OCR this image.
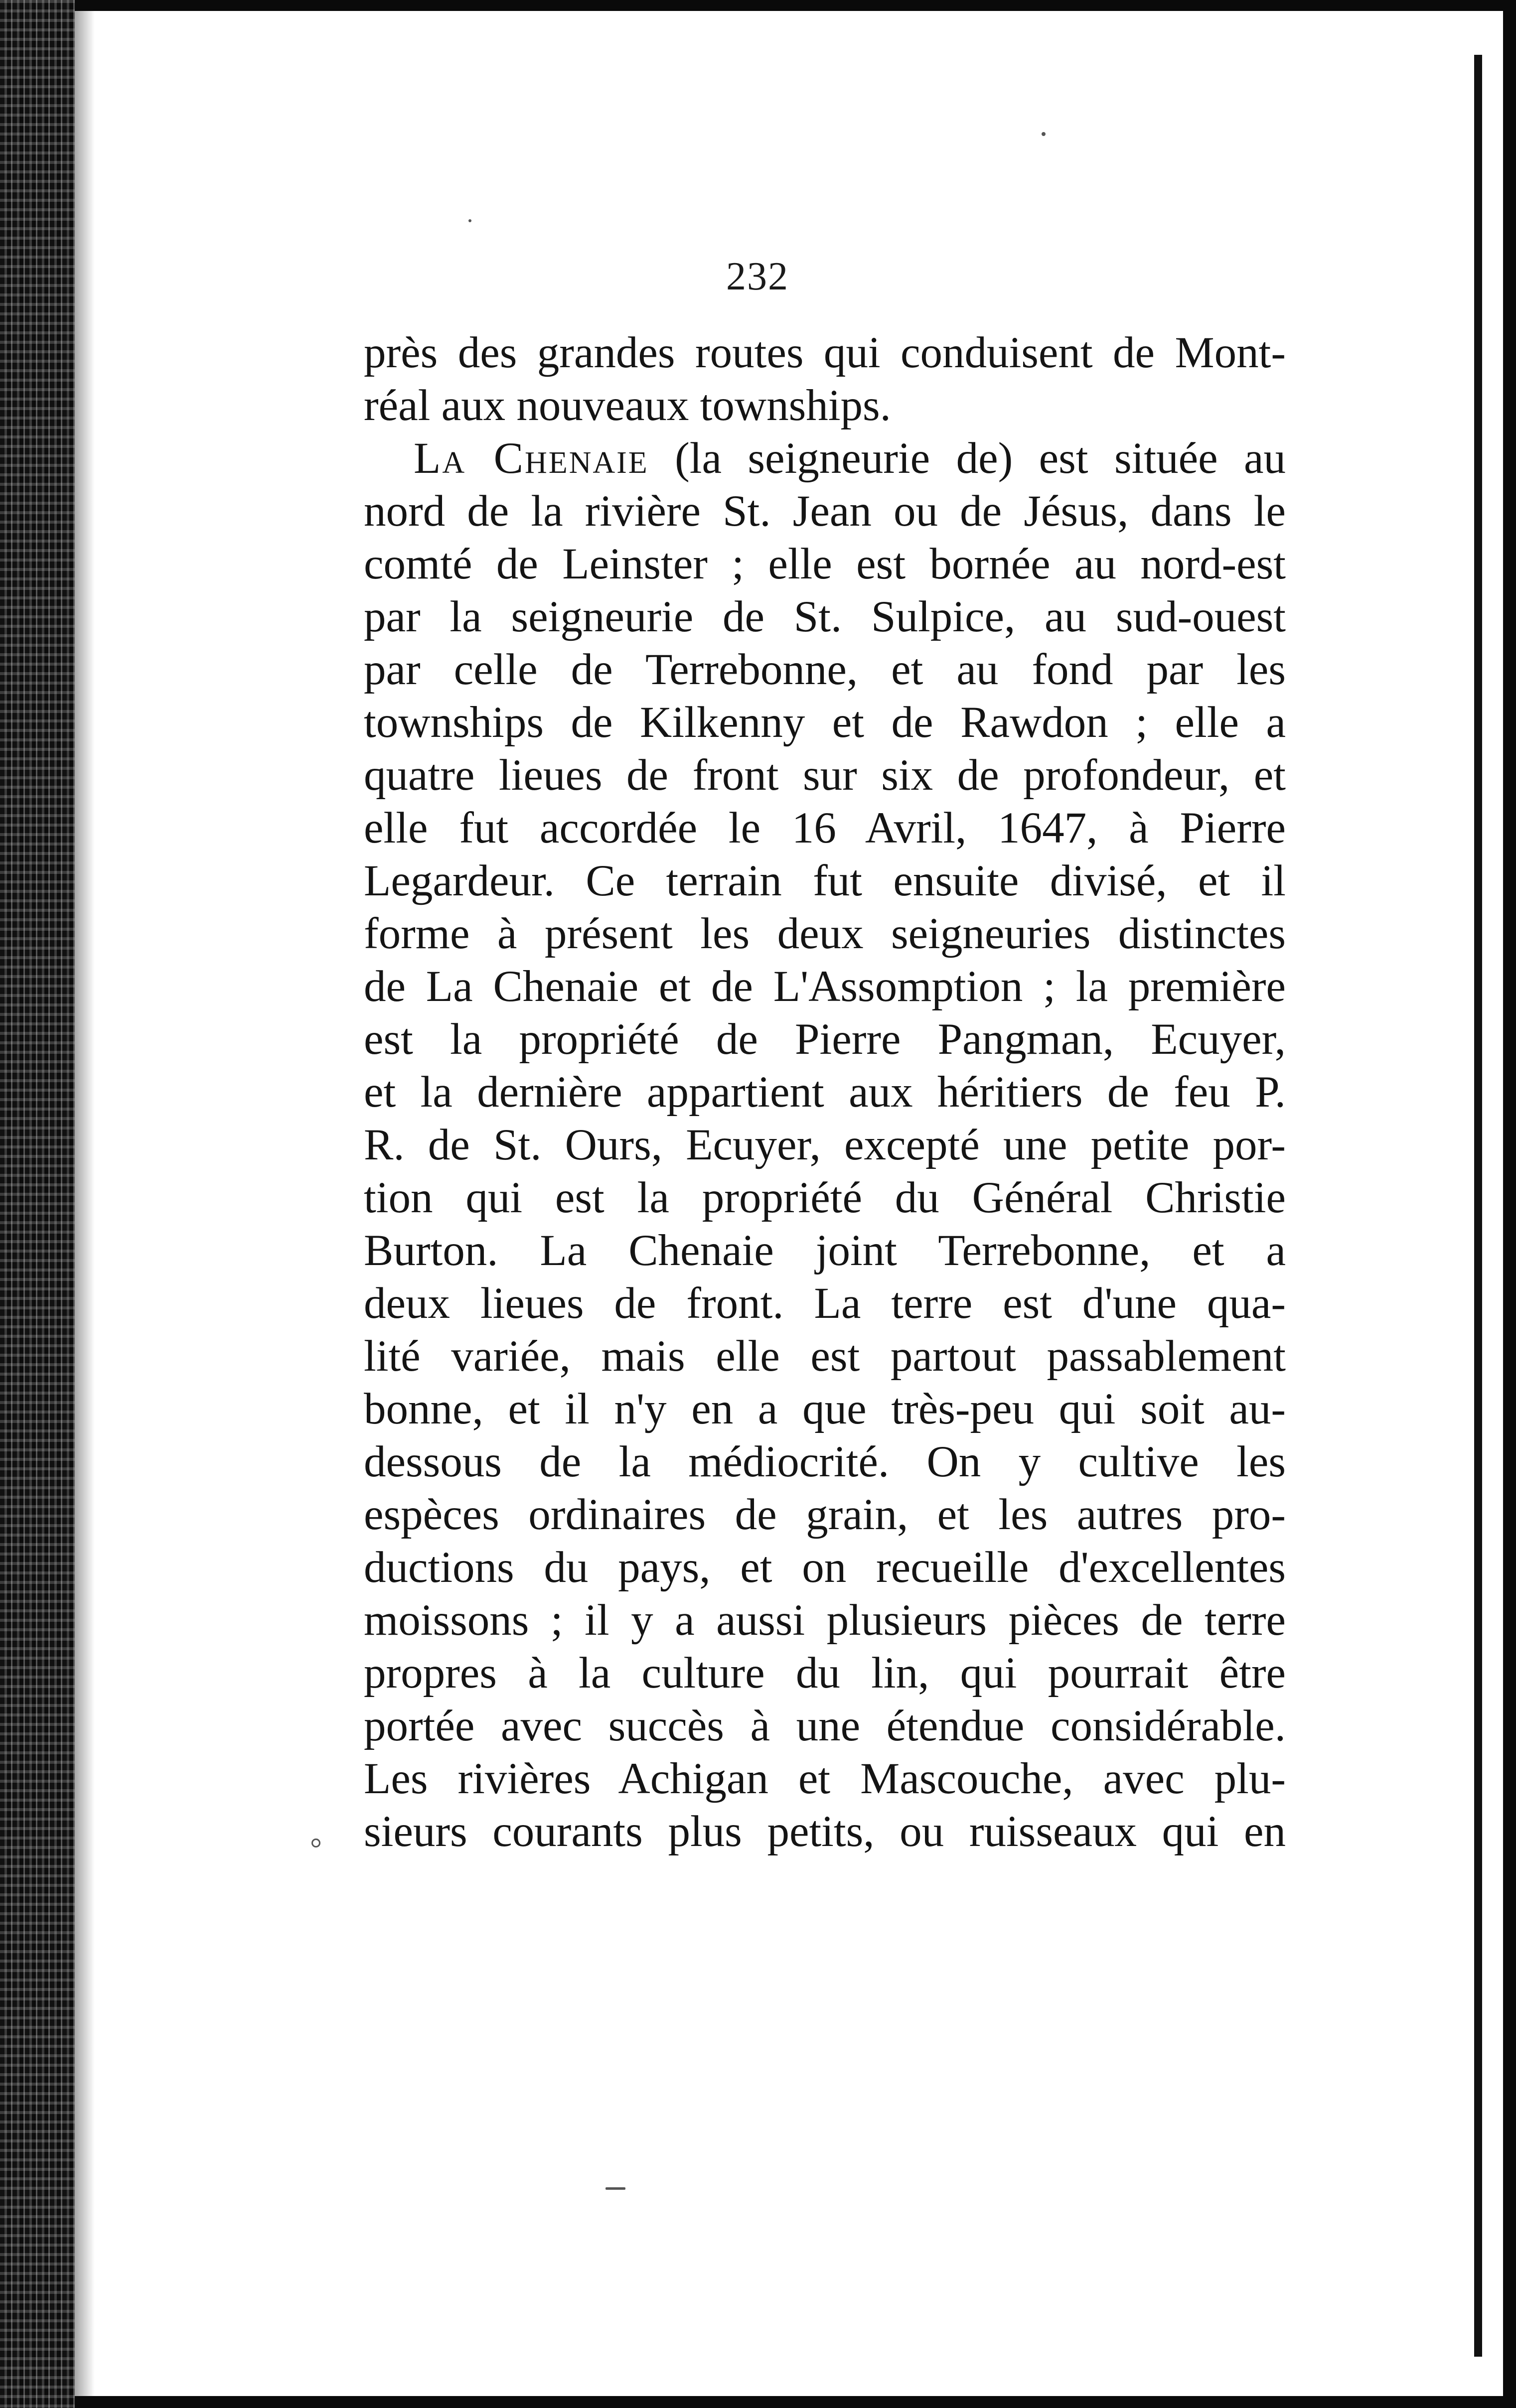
232
près des grandes routes qui conduisent de Mont-
réal aux nouveaux townships.
La Chenaie (la seigneurie de) est située au
nord de la rivière St. Jean ou de Jésus, dans le
comté de Leinster ; elle est bornée au nord-est
par la seigneurie de St. Sulpice, au sud-ouest
par celle de Terrebonne, et au fond par les
townships de Kilkenny et de Rawdon ; elle a
quatre lieues de front sur six de profondeur, et
elle fut accordée le 16 Avril, 1647, à Pierre
Legardeur. Ce terrain fut ensuite divisé, et il
forme à présent les deux seigneuries distinctes
de La Chenaie et de L'Assomption ; la première
est la propriété de Pierre Pangman, Ecuyer,
et la dernière appartient aux héritiers de feu P.
R. de St. Ours, Ecuyer, excepté une petite por-
tion qui est la propriété du Général Christie
Burton. La Chenaie joint Terrebonne, et a
deux lieues de front. La terre est d'une qua-
lité variée, mais elle est partout passablement
bonne, et il n'y en a que très-peu qui soit au-
dessous de la médiocrité. On y cultive les
espèces ordinaires de grain, et les autres pro-
ductions du pays, et on recueille d'excellentes
moissons ; il y a aussi plusieurs pièces de terre
propres à la culture du lin, qui pourrait être
portée avec succès à une étendue considérable.
Les rivières Achigan et Mascouche, avec plu-
sieurs courants plus petits, ou ruisseaux qui en
